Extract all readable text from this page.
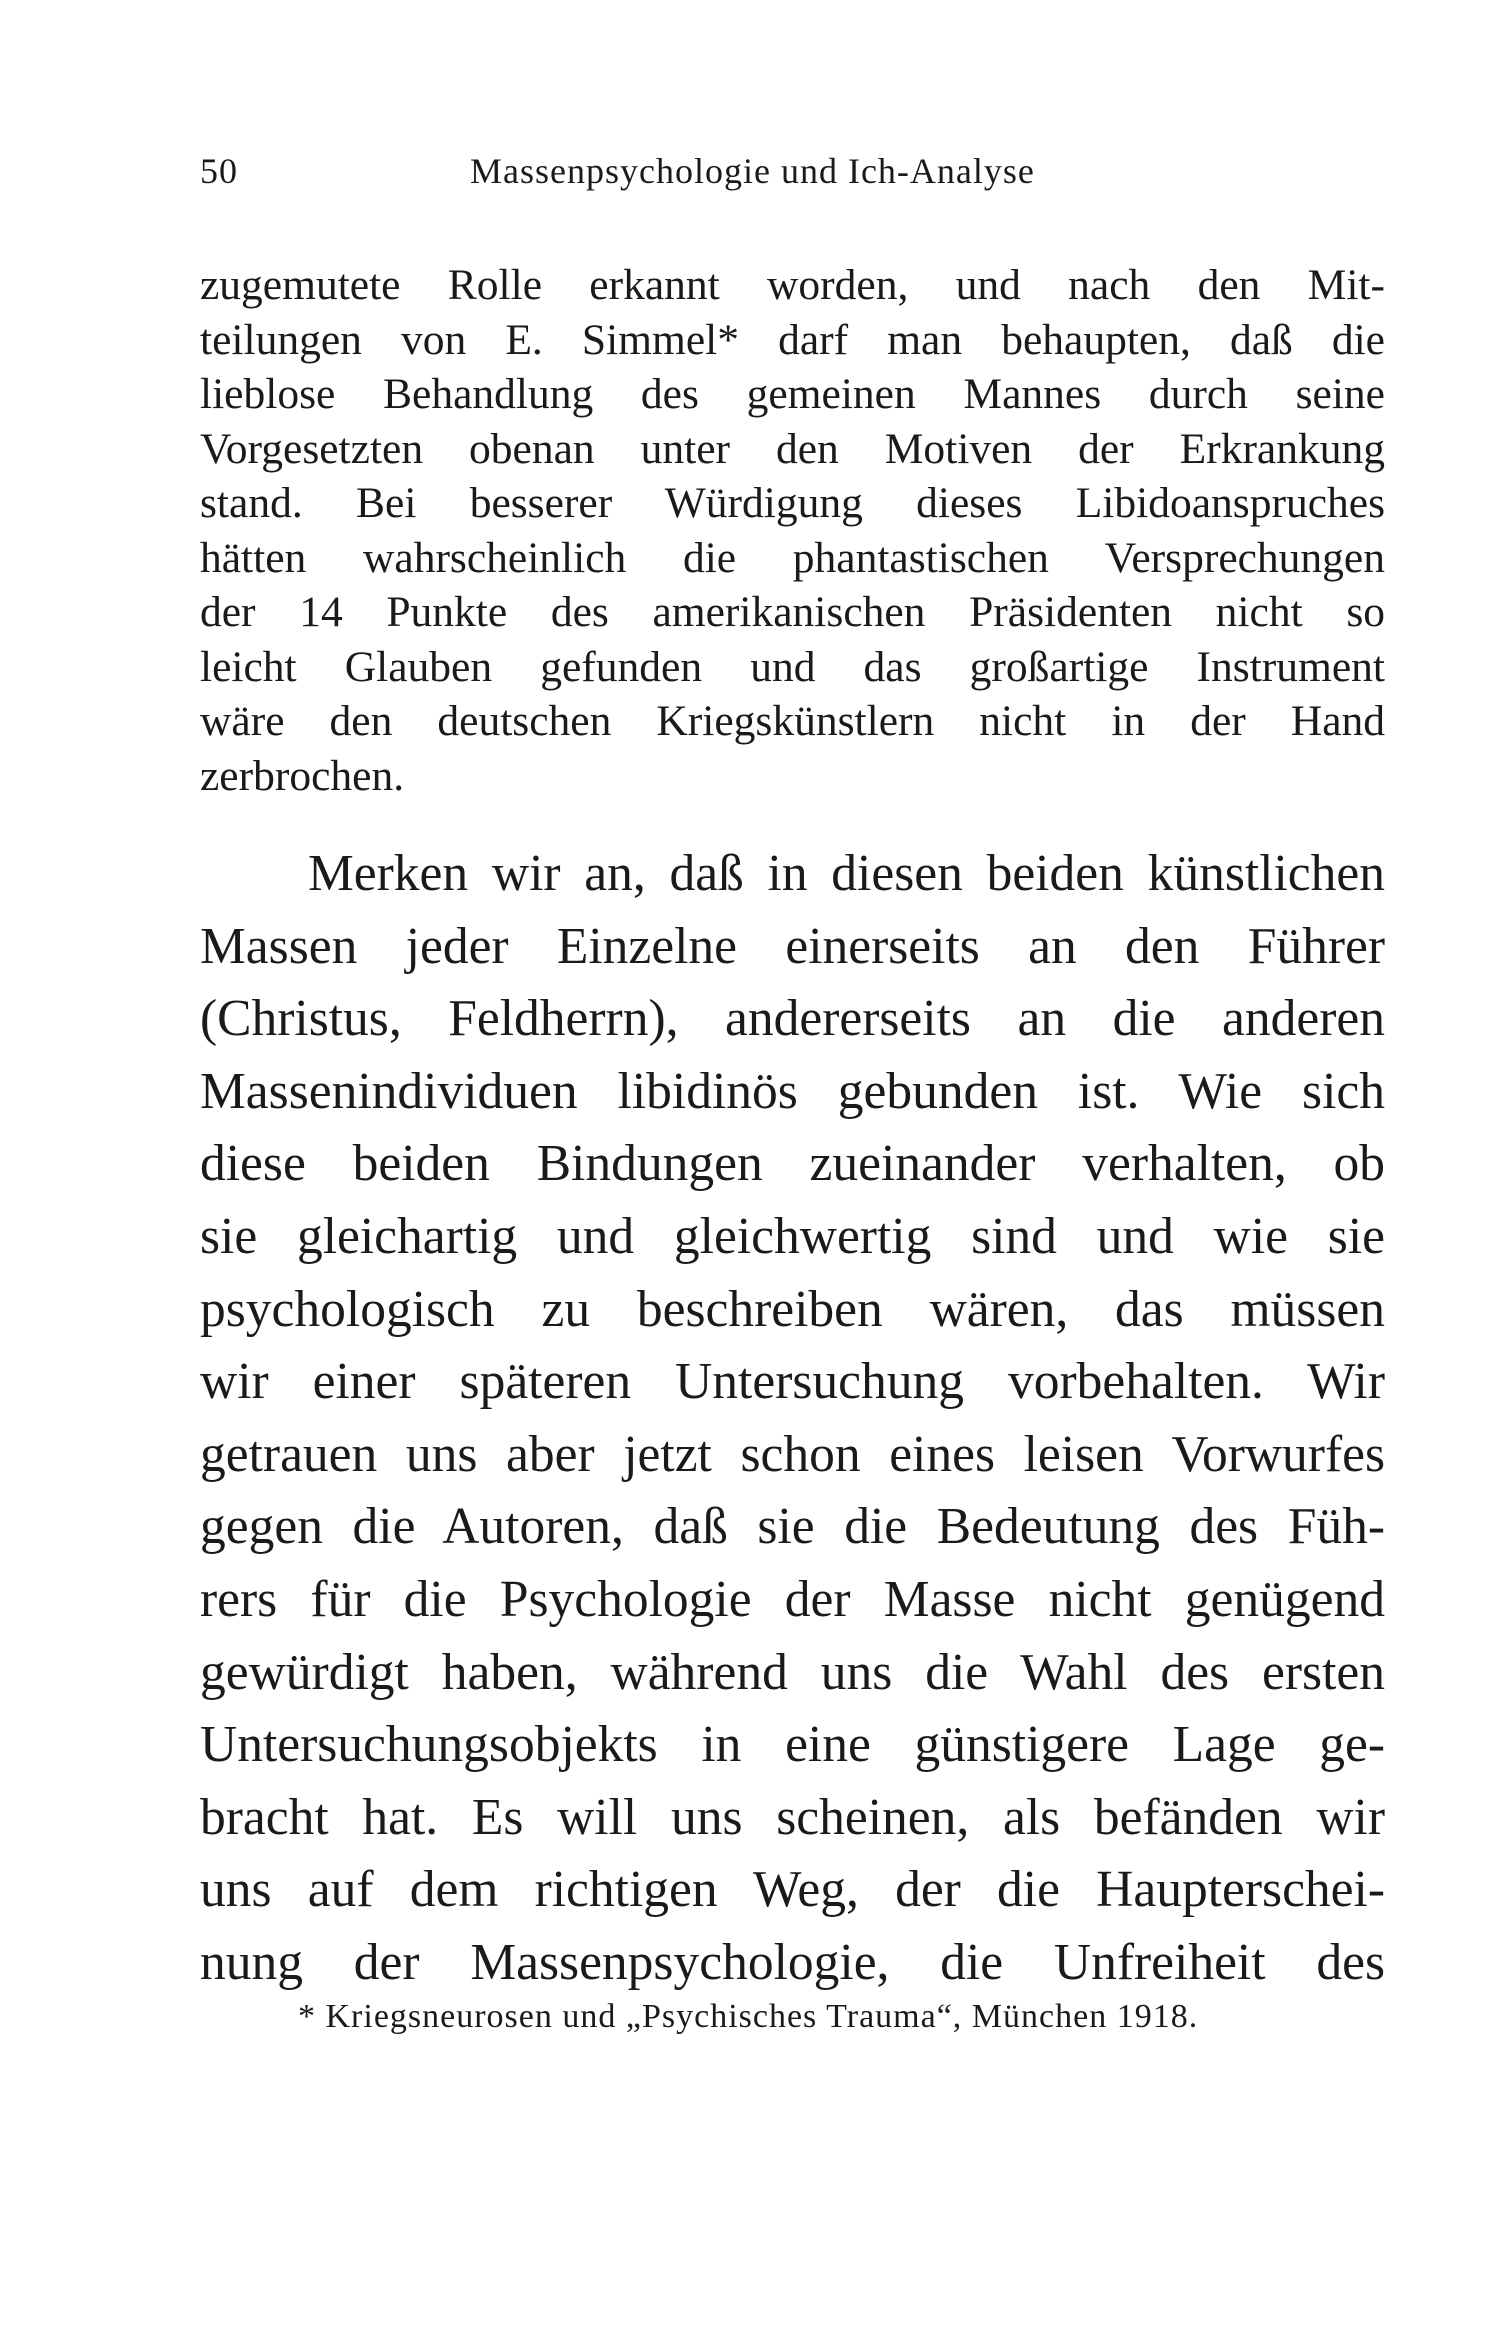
50	Massenpsychologie und Ich-Analyse
zugemutete Rolle erkannt worden, und nach den Mit-
teilungen von E. Simmel* darf man behaupten, daß die
lieblose Behandlung des gemeinen Mannes durch seine
Vorgesetzten obenan unter den Motiven der Erkrankung
stand. Bei besserer Würdigung dieses Libidoanspruches
hätten wahrscheinlich die phantastischen Versprechungen
der 14 Punkte des amerikanischen Präsidenten nicht so
leicht Glauben gefunden und das großartige Instrument
wäre den deutschen Kriegskünstlern nicht in der Hand
zerbrochen.
Merken wir an, daß in diesen beiden künstlichen
Massen jeder Einzelne einerseits an den Führer
(Christus, Feldherrn), andererseits an die anderen
Massenindividuen libidinös gebunden ist. Wie sich
diese beiden Bindungen zueinander verhalten, ob
sie gleichartig und gleichwertig sind und wie sie
psychologisch zu beschreiben wären, das müssen
wir einer späteren Untersuchung vorbehalten. Wir
getrauen uns aber jetzt schon eines leisen Vorwurfes
gegen die Autoren, daß sie die Bedeutung des Füh-
rers für die Psychologie der Masse nicht genügend
gewürdigt haben, während uns die Wahl des ersten
Untersuchungsobjekts in eine günstigere Lage ge-
bracht hat. Es will uns scheinen, als befänden wir
uns auf dem richtigen Weg, der die Haupterschei-
nung der Massenpsychologie, die Unfreiheit des
* Kriegsneurosen und „Psychisches Trauma“, München 1918.
